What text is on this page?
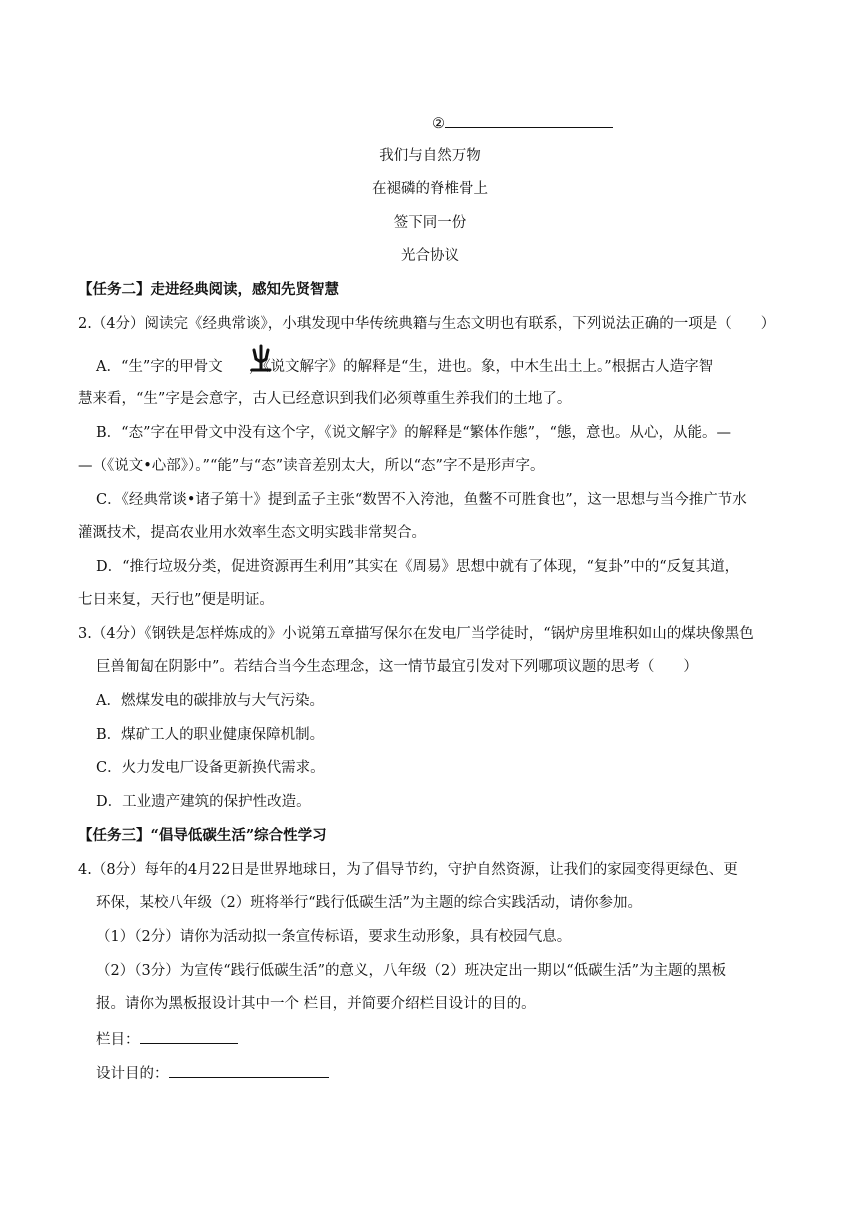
②
我们与自然万物
在褪磷的脊椎骨上
签下同一份
光合协议
【任务二】走进经典阅读，感知先贤智慧
2.（4分）阅读完《经典常谈》，小琪发现中华传统典籍与生态文明也有联系，下列说法正确的一项是（　　）
A．“生”字的甲骨文 ，《说文解字》的解释是“生，进也。象，中木生出土上。”根据古人造字智
慧来看，“生”字是会意字，古人已经意识到我们必须尊重生养我们的土地了。
B．“态”字在甲骨文中没有这个字，《说文解字》的解释是“繁体作態”，“態，意也。从心，从能。—
—（《说文•心部》）。”“能”与“态”读音差别太大，所以“态”字不是形声字。
C．《经典常谈•诸子第十》提到孟子主张“数罟不入洿池，鱼鳖不可胜食也”，这一思想与当今推广节水
灌溉技术，提高农业用水效率生态文明实践非常契合。
D．“推行垃圾分类，促进资源再生利用”其实在《周易》思想中就有了体现，“复卦”中的“反复其道，
七日来复，天行也”便是明证。
3.（4分）《钢铁是怎样炼成的》小说第五章描写保尔在发电厂当学徒时，“锅炉房里堆积如山的煤块像黑色
巨兽匍匐在阴影中”。若结合当今生态理念，这一情节最宜引发对下列哪项议题的思考（　　）
A．燃煤发电的碳排放与大气污染。
B．煤矿工人的职业健康保障机制。
C．火力发电厂设备更新换代需求。
D．工业遗产建筑的保护性改造。
【任务三】“倡导低碳生活”综合性学习
4.（8分）每年的4月22日是世界地球日，为了倡导节约，守护自然资源，让我们的家园变得更绿色、更
环保，某校八年级（2）班将举行“践行低碳生活”为主题的综合实践活动，请你参加。
（1）（2分）请你为活动拟一条宣传标语，要求生动形象，具有校园气息。
（2）（3分）为宣传“践行低碳生活”的意义，八年级（2）班决定出一期以“低碳生活”为主题的黑板
报。请你为黑板报设计其中一个 栏目，并简要介绍栏目设计的目的。
栏目：
设计目的：
